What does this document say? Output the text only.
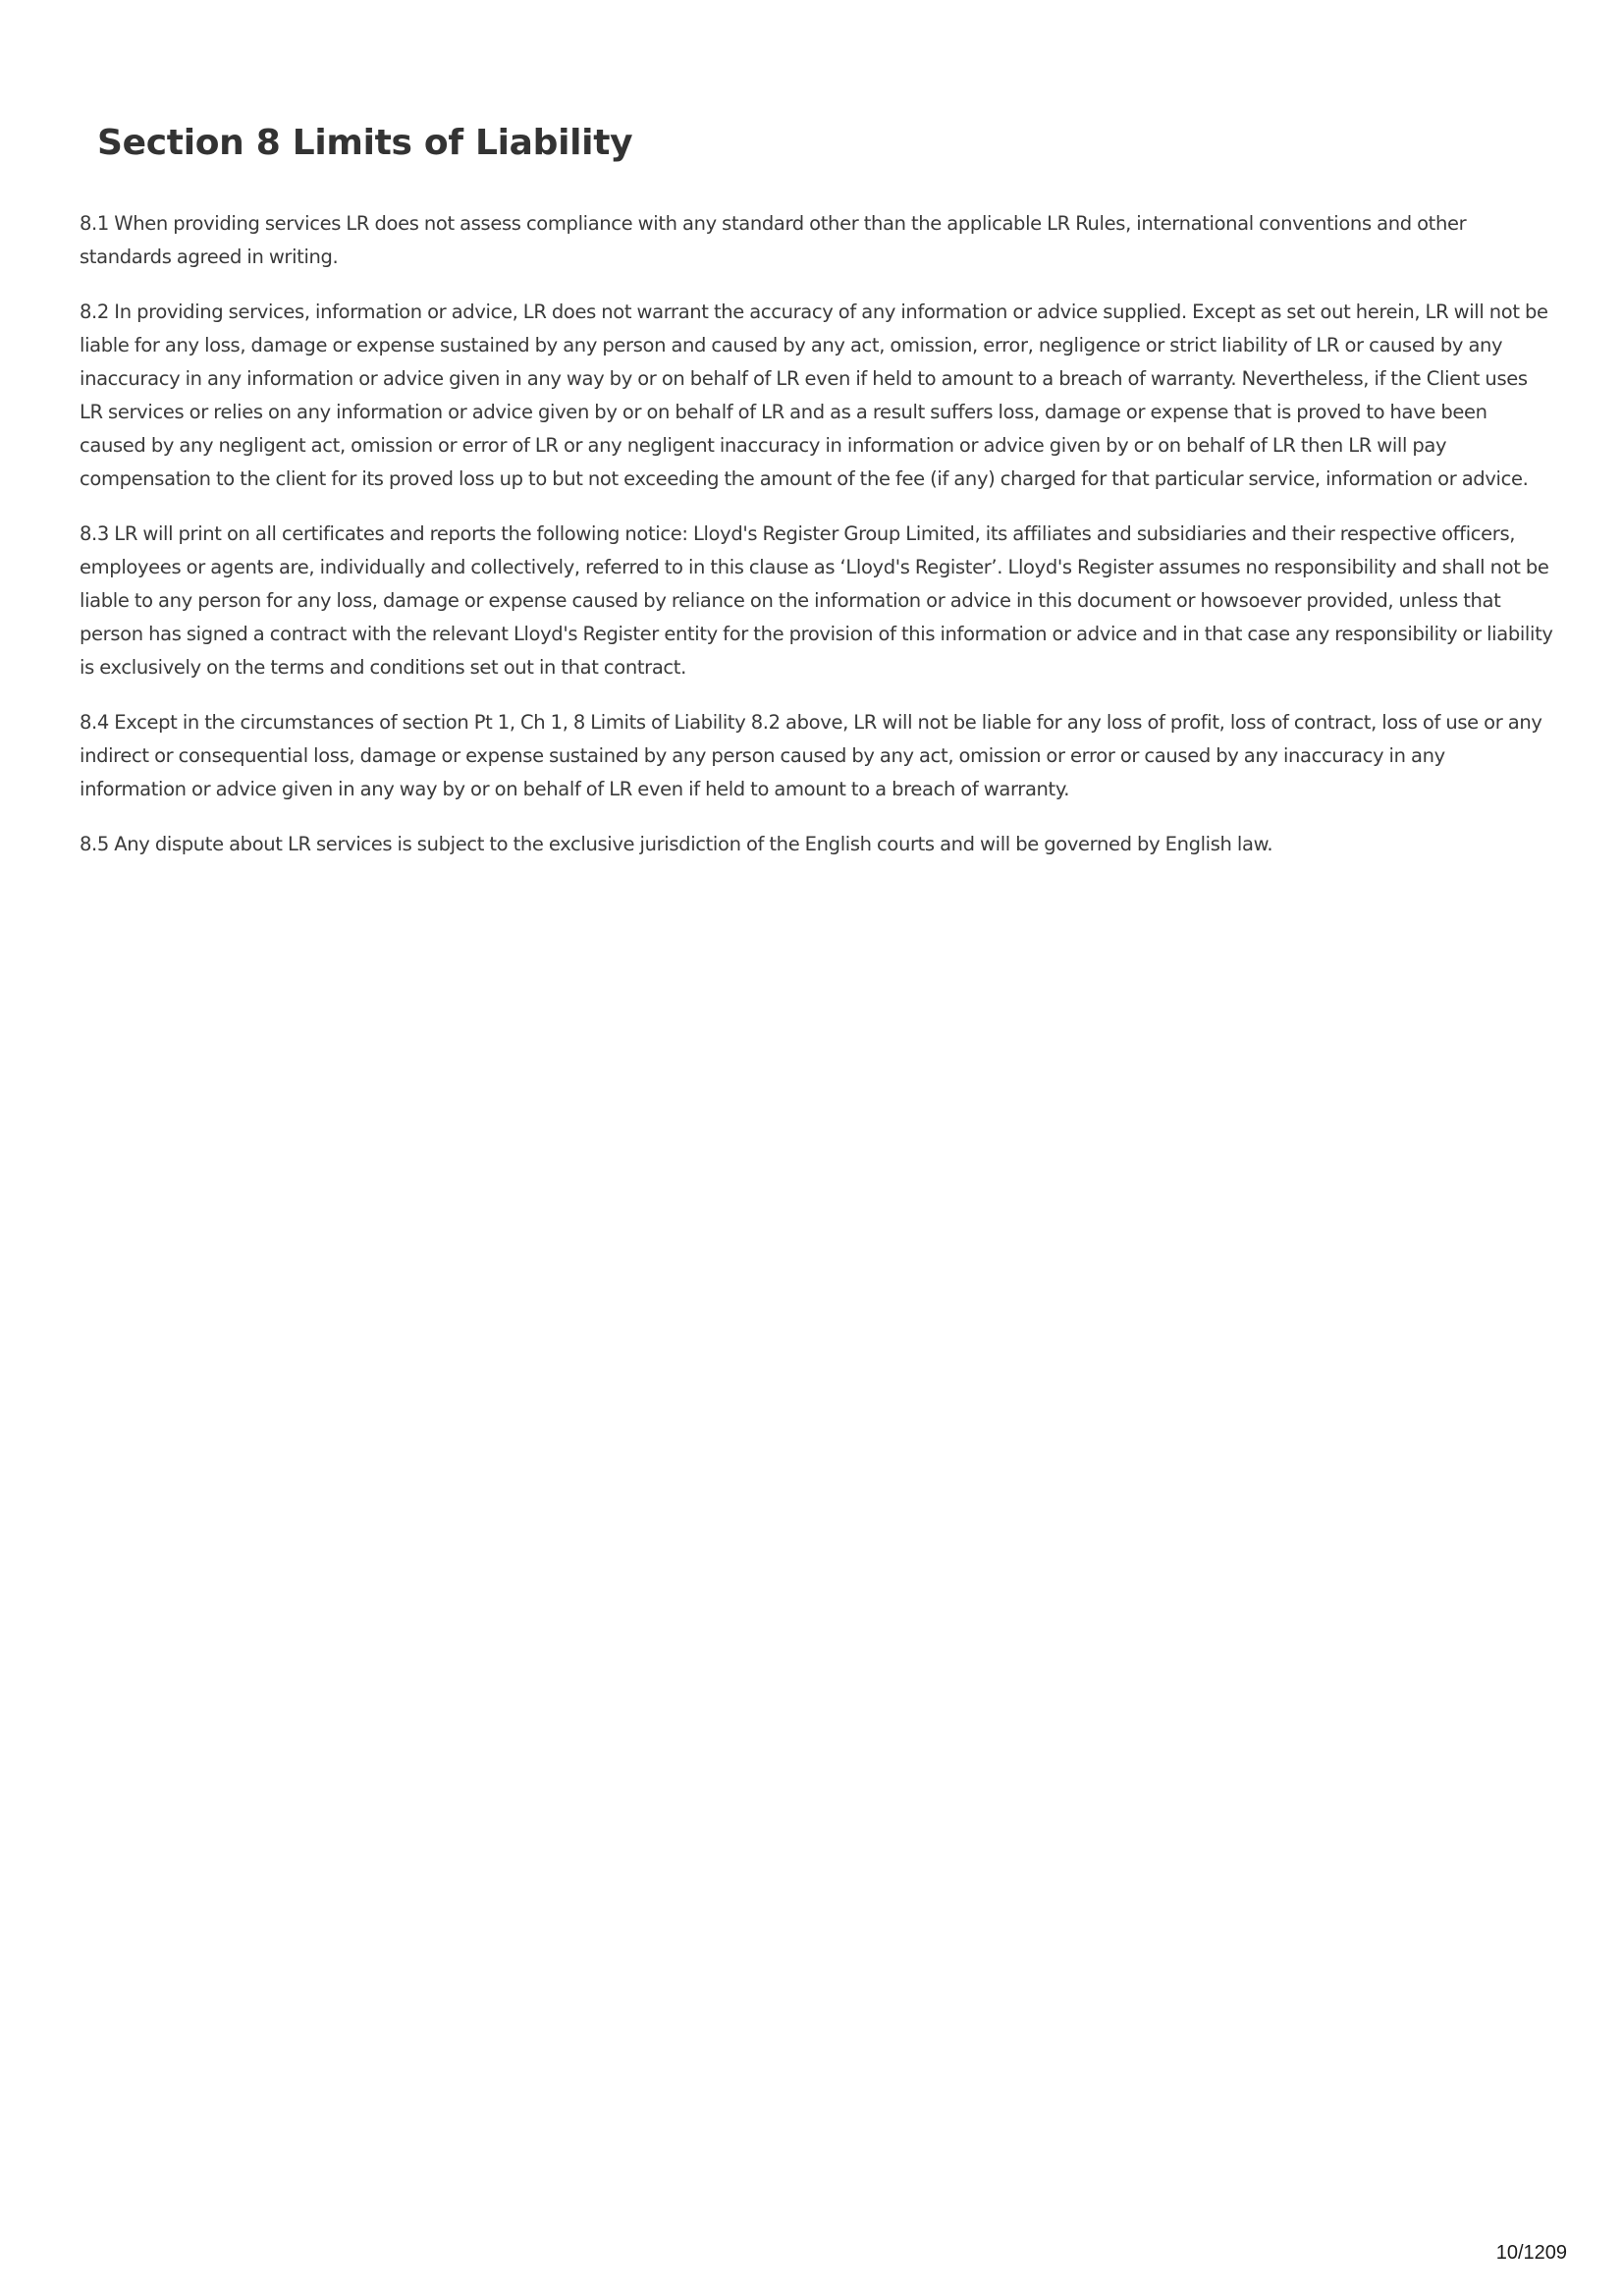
Section 8 Limits of Liability

8.1 When providing services LR does not assess compliance with any standard other than the applicable LR Rules, international conventions and other standards agreed in writing.

8.2 In providing services, information or advice, LR does not warrant the accuracy of any information or advice supplied. Except as set out herein, LR will not be liable for any loss, damage or expense sustained by any person and caused by any act, omission, error, negligence or strict liability of LR or caused by any inaccuracy in any information or advice given in any way by or on behalf of LR even if held to amount to a breach of warranty. Nevertheless, if the Client uses LR services or relies on any information or advice given by or on behalf of LR and as a result suffers loss, damage or expense that is proved to have been caused by any negligent act, omission or error of LR or any negligent inaccuracy in information or advice given by or on behalf of LR then LR will pay compensation to the client for its proved loss up to but not exceeding the amount of the fee (if any) charged for that particular service, information or advice.

8.3 LR will print on all certificates and reports the following notice: Lloyd's Register Group Limited, its affiliates and subsidiaries and their respective officers, employees or agents are, individually and collectively, referred to in this clause as ‘Lloyd's Register’. Lloyd's Register assumes no responsibility and shall not be liable to any person for any loss, damage or expense caused by reliance on the information or advice in this document or howsoever provided, unless that person has signed a contract with the relevant Lloyd's Register entity for the provision of this information or advice and in that case any responsibility or liability is exclusively on the terms and conditions set out in that contract.

8.4 Except in the circumstances of section Pt 1, Ch 1, 8 Limits of Liability 8.2 above, LR will not be liable for any loss of profit, loss of contract, loss of use or any indirect or consequential loss, damage or expense sustained by any person caused by any act, omission or error or caused by any inaccuracy in any information or advice given in any way by or on behalf of LR even if held to amount to a breach of warranty.

8.5 Any dispute about LR services is subject to the exclusive jurisdiction of the English courts and will be governed by English law.

10/1209
